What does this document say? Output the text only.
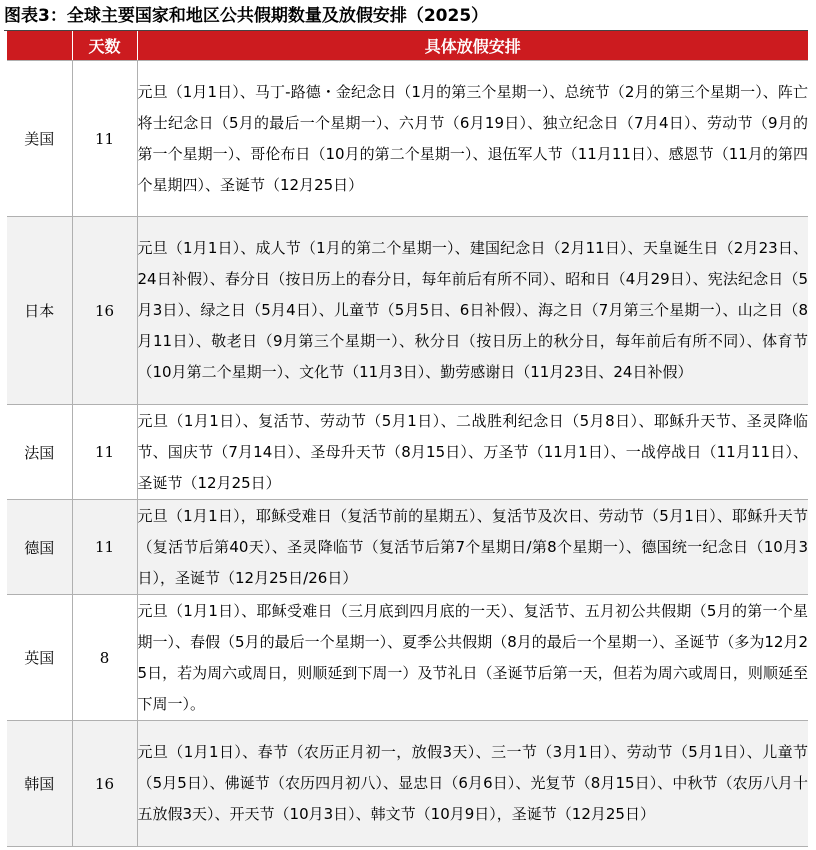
图表3：全球主要国家和地区公共假期数量及放假安排（2025）
	天数	具体放假安排
美国	11	元旦（1月1日）、马丁-路德・金纪念日（1月的第三个星期一）、总统节（2月的第三个星期一）、阵亡将士纪念日（5月的最后一个星期一）、六月节（6月19日）、独立纪念日（7月4日）、劳动节（9月的第一个星期一）、哥伦布日（10月的第二个星期一）、退伍军人节（11月11日）、感恩节（11月的第四个星期四）、圣诞节（12月25日）
日本	16	元旦（1月1日）、成人节（1月的第二个星期一）、建国纪念日（2月11日）、天皇诞生日（2月23日、24日补假）、春分日（按日历上的春分日，每年前后有所不同）、昭和日（4月29日）、宪法纪念日（5月3日）、绿之日（5月4日）、儿童节（5月5日、6日补假）、海之日（7月第三个星期一）、山之日（8月11日）、敬老日（9月第三个星期一）、秋分日（按日历上的秋分日，每年前后有所不同）、体育节（10月第二个星期一）、文化节（11月3日）、勤劳感谢日（11月23日、24日补假）
法国	11	元旦（1月1日）、复活节、劳动节（5月1日）、二战胜利纪念日（5月8日）、耶稣升天节、圣灵降临节、国庆节（7月14日）、圣母升天节（8月15日）、万圣节（11月1日）、一战停战日（11月11日）、圣诞节（12月25日）
德国	11	元旦（1月1日），耶稣受难日（复活节前的星期五）、复活节及次日、劳动节（5月1日）、耶稣升天节（复活节后第40天）、圣灵降临节（复活节后第7个星期日/第8个星期一）、德国统一纪念日（10月3日），圣诞节（12月25日/26日）
英国	8	元旦（1月1日）、耶稣受难日（三月底到四月底的一天）、复活节、五月初公共假期（5月的第一个星期一）、春假（5月的最后一个星期一）、夏季公共假期（8月的最后一个星期一）、圣诞节（多为12月25日，若为周六或周日，则顺延到下周一）及节礼日（圣诞节后第一天，但若为周六或周日，则顺延至下周一）。
韩国	16	元旦（1月1日）、春节（农历正月初一，放假3天）、三一节（3月1日）、劳动节（5月1日）、儿童节（5月5日）、佛诞节（农历四月初八）、显忠日（6月6日）、光复节（8月15日）、中秋节（农历八月十五放假3天）、开天节（10月3日）、韩文节（10月9日），圣诞节（12月25日）
